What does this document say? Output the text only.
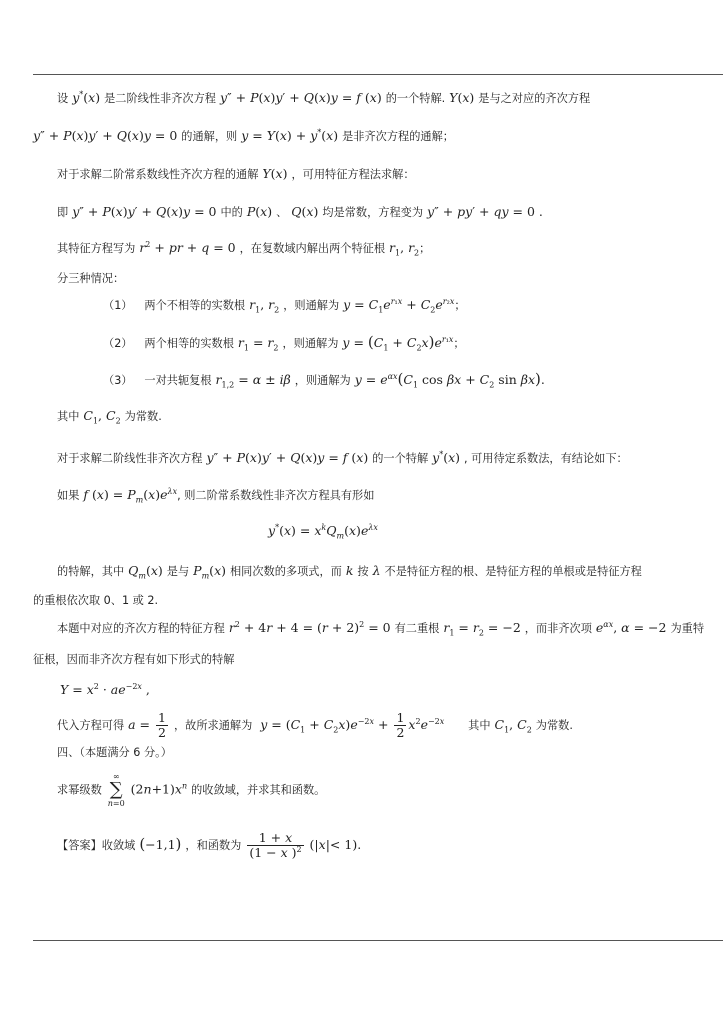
设 y*(x) 是二阶线性非齐次方程 y″ + P(x)y′ + Q(x)y = f (x) 的一个特解. Y(x) 是与之对应的齐次方程
y″ + P(x)y′ + Q(x)y = 0 的通解，则 y = Y(x) + y*(x) 是非齐次方程的通解；
对于求解二阶常系数线性齐次方程的通解 Y(x) ，可用特征方程法求解：
即 y″ + P(x)y′ + Q(x)y = 0 中的 P(x) 、 Q(x) 均是常数，方程变为 y″ + py′ + qy = 0 .
其特征方程写为 $r^2$ + pr + q = 0 ，在复数域内解出两个特征根 $r_1$, $r_2$；
分三种情况：
（1） 两个不相等的实数根 $r_1$, $r_2$ ，则通解为 $y = C_1e^{r_1x} + C_2e^{r_2x}$；
（2） 两个相等的实数根 $r_1 = r_2$ ，则通解为 $y = (C_1 + C_2x)e^{r_1x}$；
（3） 一对共轭复根 $r_{1,2} = \alpha \pm i\beta$ ，则通解为 $y = e^{\alpha x}(C_1$ $\cos \beta x + C_2$ sin βx).
其中 $C_1$, $C_2$ 为常数.
对于求解二阶线性非齐次方程 y″ + P(x)y′ + Q(x)y = f (x) 的一个特解 y*(x) , 可用待定系数法，有结论如下：
如果 f $(x) = P_m(x)e^{\lambda x}$, 则二阶常系数线性非齐次方程具有形如
$y^*(x) = x^kQ_m(x)e^{\lambda x}$
的特解，其中 $Q_m(x)$ 是与 $P_m(x)$ 相同次数的多项式，而 k 按 λ 不是特征方程的根、是特征方程的单根或是特征方程
的重根依次取 0、1 或 2.
本题中对应的齐次方程的特征方程 $r^2 + 4r + 4 = (r + 2)^2 = 0$ 有二重根 $r_1 = r_2 = -2$ ，而非齐次项 $e^{\alpha x}$, α = −2 为重特
征根，因而非齐次方程有如下形式的特解
$Y = x^2 \cdot ae^{-2x}$ ,
代入方程可得 $a = \frac{1}{2}$ ，故所求通解为 $y = (C_1 + C_2x)e^{-2x} + \frac{1}{2} x^2e^{-2x}$ 其中 $C_1$, $C_2$ 为常数.
四、（本题满分 6 分。）
求幂级数 ∞
∑
n=0 $(2n+1)x^n$ 的收敛域，并求其和函数。
【答案】收敛域 (−1,1) ，和函数为 $\frac{1 + x}{(1 - x )^2} (|x|< 1)$.
